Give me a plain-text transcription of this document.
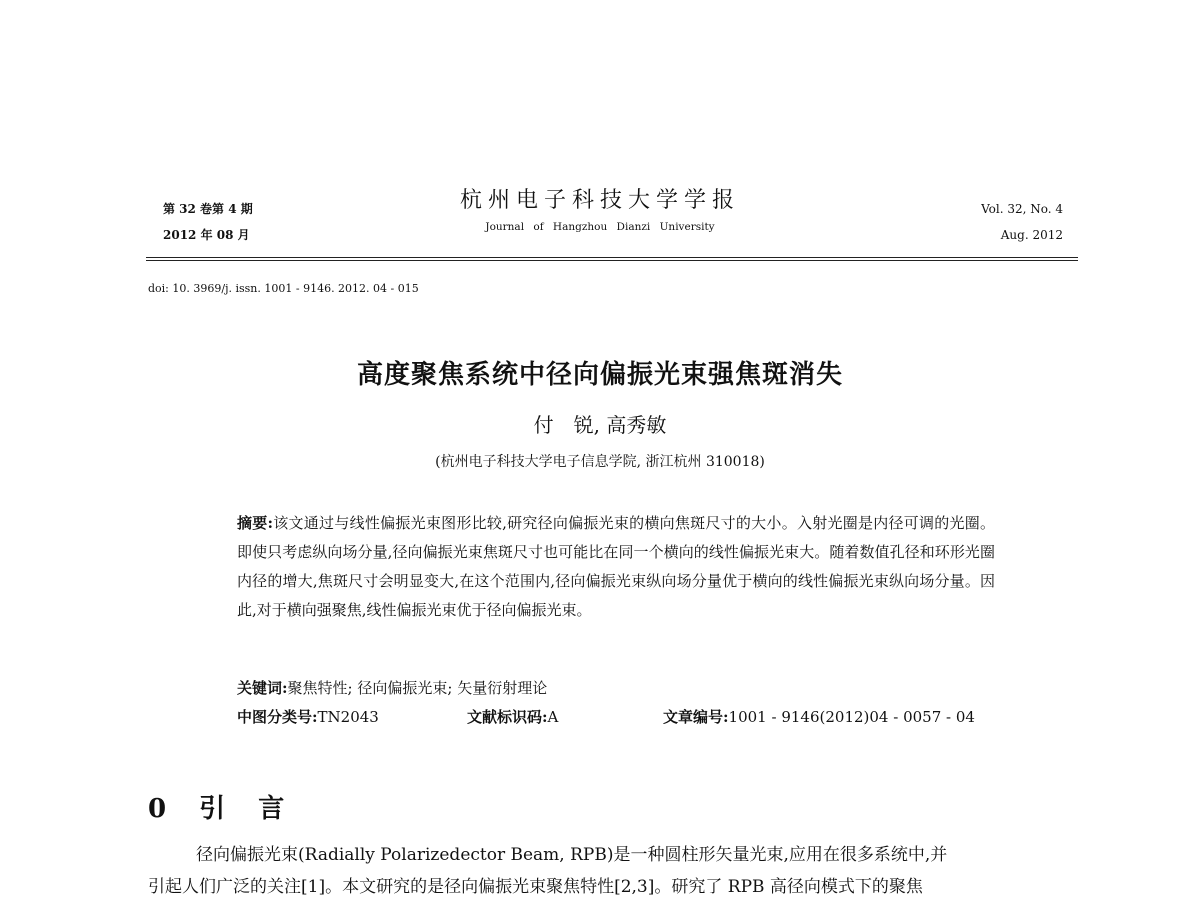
第 32 卷第 4 期
2012 年 08 月
杭州电子科技大学学报
Journal of Hangzhou Dianzi University
Vol. 32, No. 4
Aug. 2012
doi: 10. 3969/j. issn. 1001 - 9146. 2012. 04 - 015
高度聚焦系统中径向偏振光束强焦斑消失
付　锐, 高秀敏
(杭州电子科技大学电子信息学院, 浙江杭州 310018)
摘要:该文通过与线性偏振光束图形比较,研究径向偏振光束的横向焦斑尺寸的大小。入射光圈是内径可调的光圈。即使只考虑纵向场分量,径向偏振光束焦斑尺寸也可能比在同一个横向的线性偏振光束大。随着数值孔径和环形光圈内径的增大,焦斑尺寸会明显变大,在这个范围内,径向偏振光束纵向场分量优于横向的线性偏振光束纵向场分量。因此,对于横向强聚焦,线性偏振光束优于径向偏振光束。
关键词:聚焦特性; 径向偏振光束; 矢量衍射理论
中图分类号:TN2043	文献标识码:A	文章编号:1001 - 9146(2012)04 - 0057 - 04
0 引 言
径向偏振光束(Radially Polarizedector Beam, RPB)是一种圆柱形矢量光束,应用在很多系统中,并
引起人们广泛的关注[1]。本文研究的是径向偏振光束聚焦特性[2,3]。研究了 RPB 高径向模式下的聚焦
